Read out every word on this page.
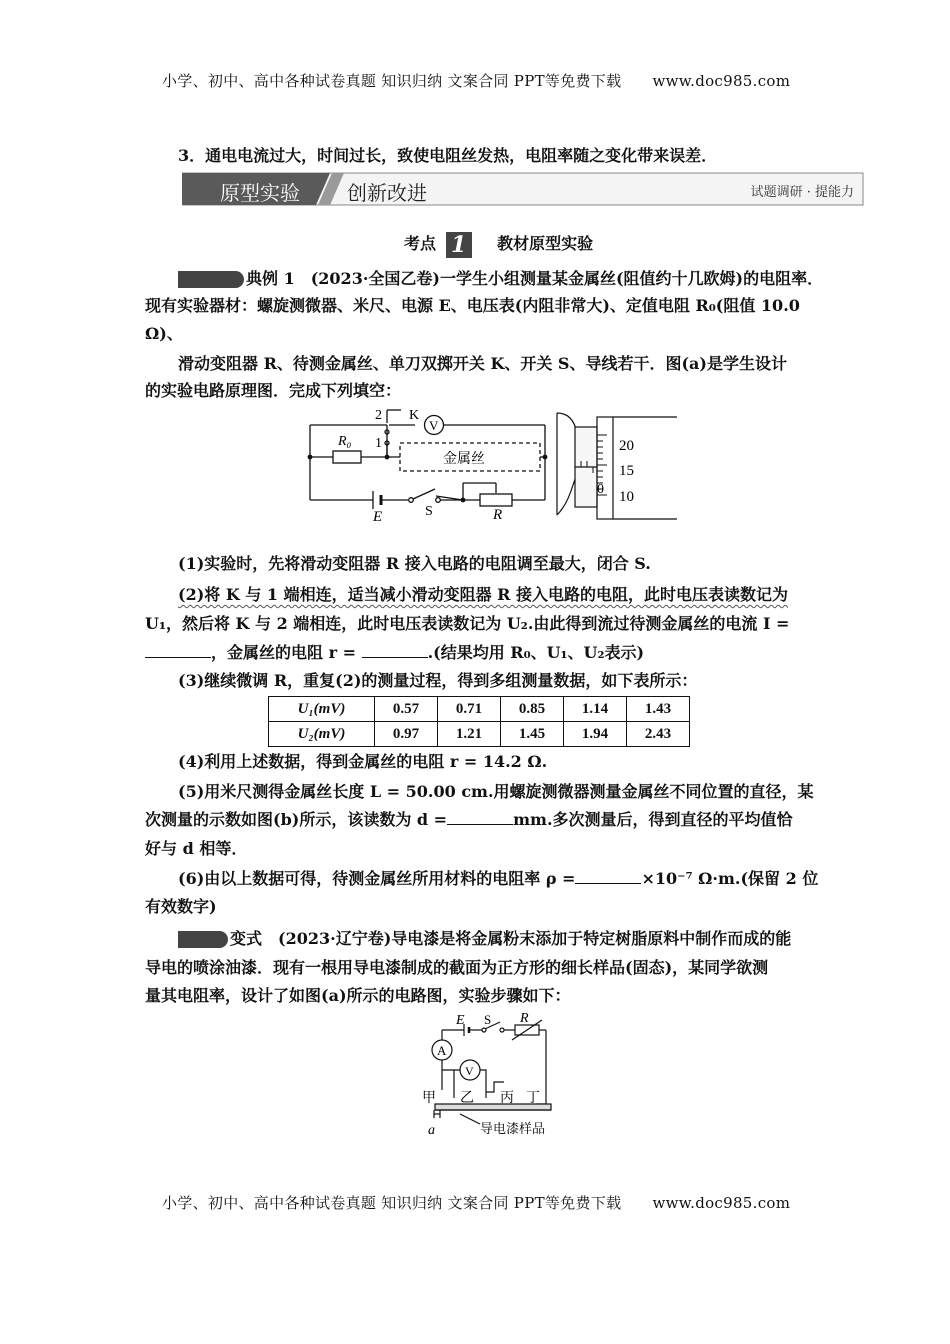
小学、初中、高中各种试卷真题 知识归纳 文案合同 PPT等免费下载 www.doc985.com
3．通电电流过大，时间过长，致使电阻丝发热，电阻率随之变化带来误差．
原型实验 创新改进	试题调研 · 提能力
考点 1 教材原型实验
典例 1　(2023·全国乙卷)一学生小组测量某金属丝(阻值约十几欧姆)的电阻率．
现有实验器材：螺旋测微器、米尺、电源 E、电压表(内阻非常大)、定值电阻 R₀(阻值 10.0
Ω)、
滑动变阻器 R、待测金属丝、单刀双掷开关 K、开关 S、导线若干．图(a)是学生设计
的实验电路原理图．完成下列填空：
2 K
1
V
R₀
金属丝
E	S	R
20
15
10
0
(1)实验时，先将滑动变阻器 R 接入电路的电阻调至最大，闭合 S.
(2)将 K 与 1 端相连，适当减小滑动变阻器 R 接入电路的电阻，此时电压表读数记为
U₁，然后将 K 与 2 端相连，此时电压表读数记为 U₂.由此得到流过待测金属丝的电流 I =
，金属丝的电阻 r =	.(结果均用 R₀、U₁、U₂表示)
(3)继续微调 R，重复(2)的测量过程，得到多组测量数据，如下表所示：
U₁(mV)	0.57	0.71	0.85	1.14	1.43
U₂(mV)	0.97	1.21	1.45	1.94	2.43
(4)利用上述数据，得到金属丝的电阻 r = 14.2 Ω.
(5)用米尺测得金属丝长度 L = 50.00 cm.用螺旋测微器测量金属丝不同位置的直径，某
次测量的示数如图(b)所示，该读数为 d =	mm.多次测量后，得到直径的平均值恰
好与 d 相等．
(6)由以上数据可得，待测金属丝所用材料的电阻率 ρ =	×10⁻⁷ Ω·m.(保留 2 位
有效数字)
变式　(2023·辽宁卷)导电漆是将金属粉末添加于特定树脂原料中制作而成的能
导电的喷涂油漆．现有一根用导电漆制成的截面为正方形的细长样品(固态)，某同学欲测
量其电阻率，设计了如图(a)所示的电路图，实验步骤如下：
E S R
A
V
甲 乙 丙 丁
a	导电漆样品
小学、初中、高中各种试卷真题 知识归纳 文案合同 PPT等免费下载 www.doc985.com
